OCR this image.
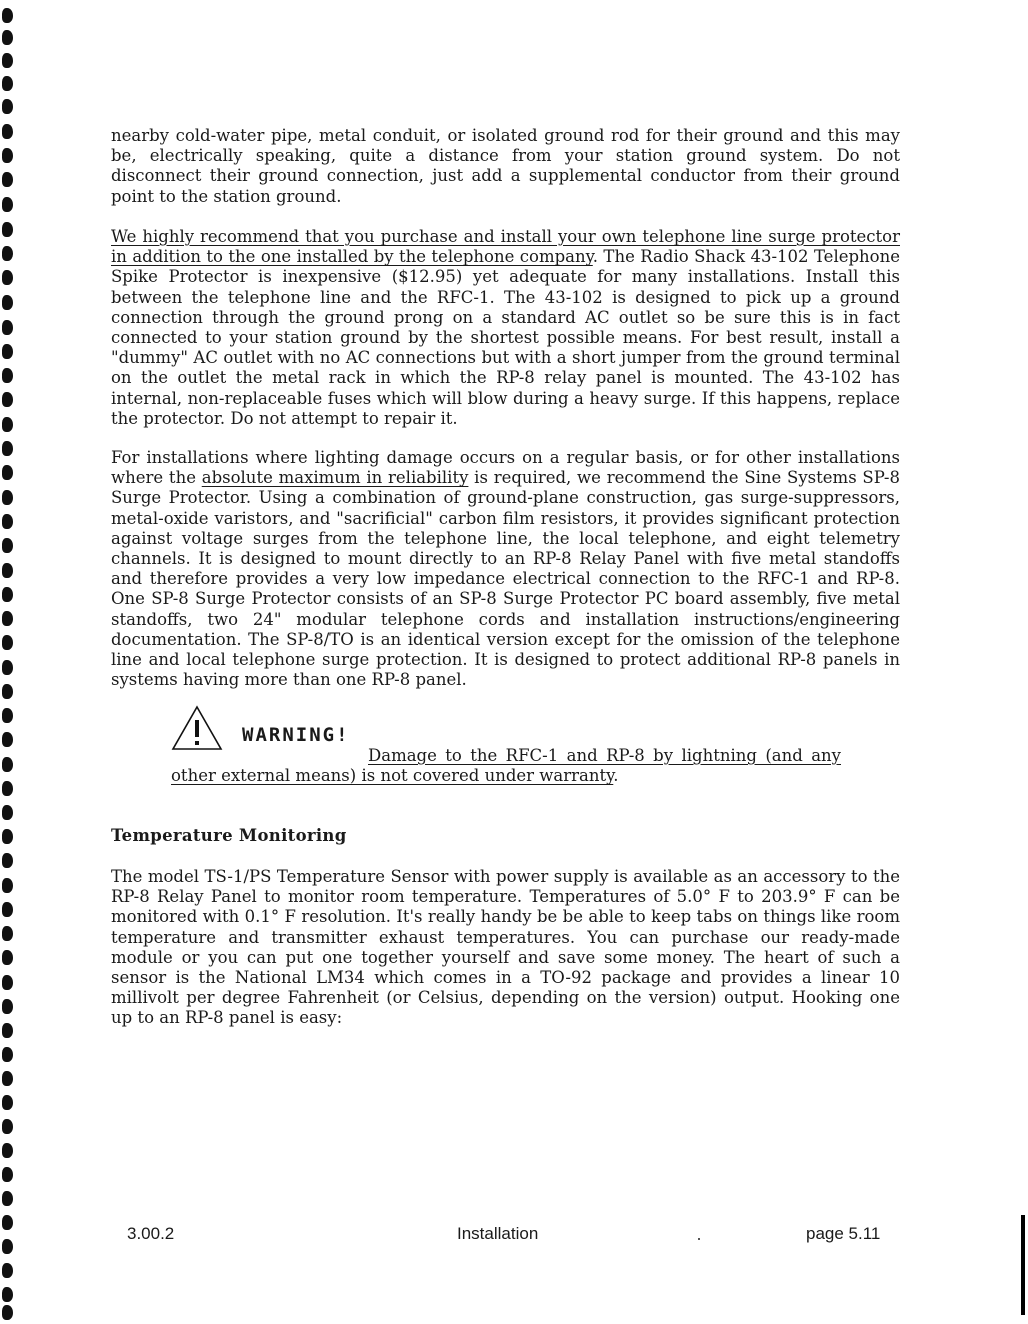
nearby cold-water pipe, metal conduit, or isolated ground rod for their ground and this may be, electrically speaking, quite a distance from your station ground system. Do not disconnect their ground connection, just add a supplemental conductor from their ground point to the station ground.

We highly recommend that you purchase and install your own telephone line surge protector in addition to the one installed by the telephone company. The Radio Shack 43-102 Telephone Spike Protector is inexpensive ($12.95) yet adequate for many installations. Install this between the telephone line and the RFC-1. The 43-102 is designed to pick up a ground connection through the ground prong on a standard AC outlet so be sure this is in fact connected to your station ground by the shortest possible means. For best result, install a "dummy" AC outlet with no AC connections but with a short jumper from the ground terminal on the outlet the metal rack in which the RP-8 relay panel is mounted. The 43-102 has internal, non-replaceable fuses which will blow during a heavy surge. If this happens, replace the protector. Do not attempt to repair it.

For installations where lighting damage occurs on a regular basis, or for other installations where the absolute maximum in reliability is required, we recommend the Sine Systems SP-8 Surge Protector. Using a combination of ground-plane construction, gas surge-suppressors, metal-oxide varistors, and "sacrificial" carbon film resistors, it provides significant protection against voltage surges from the telephone line, the local telephone, and eight telemetry channels. It is designed to mount directly to an RP-8 Relay Panel with five metal standoffs and therefore provides a very low impedance electrical connection to the RFC-1 and RP-8. One SP-8 Surge Protector consists of an SP-8 Surge Protector PC board assembly, five metal standoffs, two 24" modular telephone cords and installation instructions/engineering documentation. The SP-8/TO is an identical version except for the omission of the telephone line and local telephone surge protection. It is designed to protect additional RP-8 panels in systems having more than one RP-8 panel.

WARNING!
Damage to the RFC-1 and RP-8 by lightning (and any other external means) is not covered under warranty.
Temperature Monitoring

The model TS-1/PS Temperature Sensor with power supply is available as an accessory to the RP-8 Relay Panel to monitor room temperature. Temperatures of 5.0° F to 203.9° F can be monitored with 0.1° F resolution. It's really handy be be able to keep tabs on things like room temperature and transmitter exhaust temperatures. You can purchase our ready-made module or you can put one together yourself and save some money. The heart of such a sensor is the National LM34 which comes in a TO-92 package and provides a linear 10 millivolt per degree Fahrenheit (or Celsius, depending on the version) output. Hooking one up to an RP-8 panel is easy:

3.00.2	Installation	page 5.11
